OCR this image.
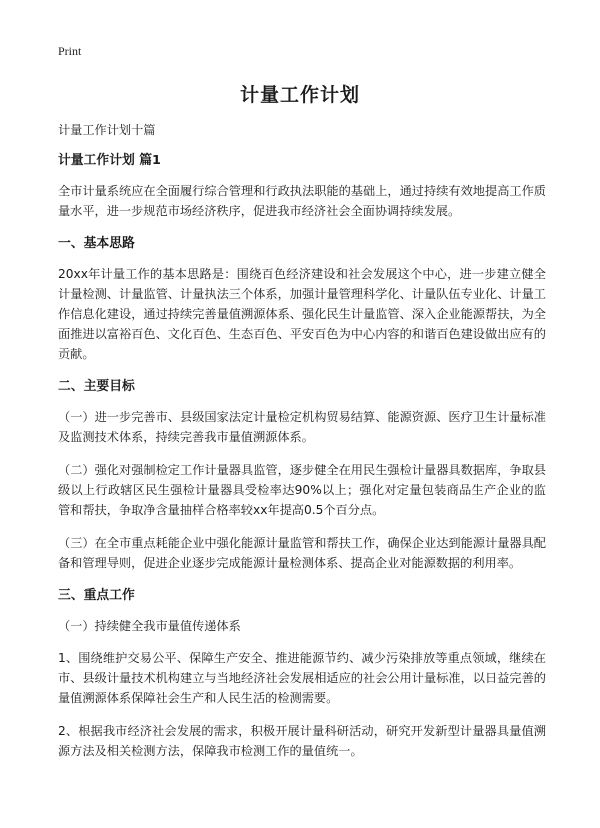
Print
计量工作计划

计量工作计划十篇

计量工作计划 篇1

全市计量系统应在全面履行综合管理和行政执法职能的基础上，通过持续有效地提高工作质量水平，进一步规范市场经济秩序，促进我市经济社会全面协调持续发展。

一、基本思路

20xx年计量工作的基本思路是：围绕百色经济建设和社会发展这个中心，进一步建立健全计量检测、计量监管、计量执法三个体系，加强计量管理科学化、计量队伍专业化、计量工作信息化建设，通过持续完善量值溯源体系、强化民生计量监管、深入企业能源帮扶，为全面推进以富裕百色、文化百色、生态百色、平安百色为中心内容的和谐百色建设做出应有的贡献。

二、主要目标

（一）进一步完善市、县级国家法定计量检定机构贸易结算、能源资源、医疗卫生计量标准及监测技术体系，持续完善我市量值溯源体系。

（二）强化对强制检定工作计量器具监管，逐步健全在用民生强检计量器具数据库，争取县级以上行政辖区民生强检计量器具受检率达90%以上；强化对定量包装商品生产企业的监管和帮扶，争取净含量抽样合格率较xx年提高0.5个百分点。

（三）在全市重点耗能企业中强化能源计量监管和帮扶工作，确保企业达到能源计量器具配备和管理导则，促进企业逐步完成能源计量检测体系、提高企业对能源数据的利用率。

三、重点工作

（一）持续健全我市量值传递体系

1、围绕维护交易公平、保障生产安全、推进能源节约、减少污染排放等重点领域，继续在市、县级计量技术机构建立与当地经济社会发展相适应的社会公用计量标准，以日益完善的量值溯源体系保障社会生产和人民生活的检测需要。

2、根据我市经济社会发展的需求，积极开展计量科研活动，研究开发新型计量器具量值溯源方法及相关检测方法，保障我市检测工作的量值统一。
